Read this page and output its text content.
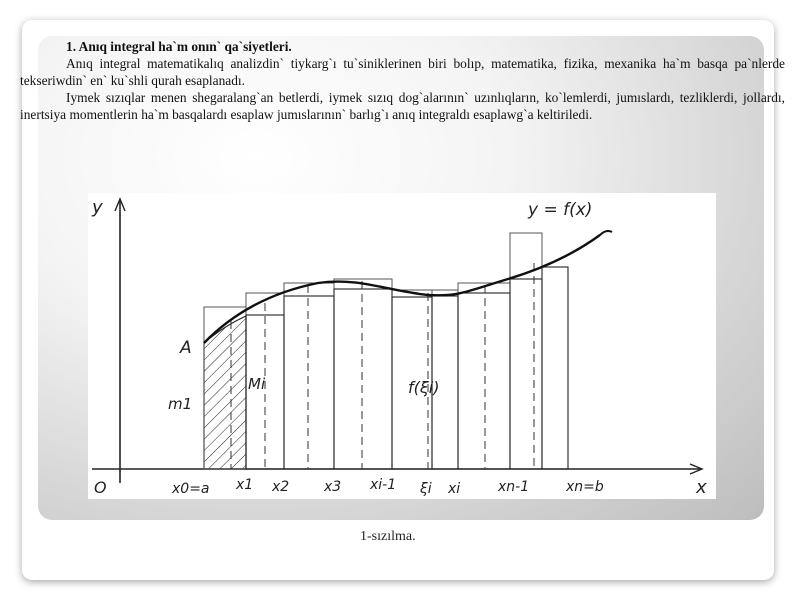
1. Anıq integral ha`m onın` qa`siyetleri.

Anıq integral matematikalıq analizdin` tiykarg`ı tu`siniklerinen biri bolıp, matematika, fizika, mexanika ha`m basqa pa`nlerde tekseriwdin` en` ku`shli qurah esaplanadı.

Iymek sızıqlar menen shegaralang`an betlerdi, iymek sızıq dog`alarının` uzınlıqların, ko`lemlerdi, jumıslardı, tezliklerdi, jollardı, inertsiya momentlerin ha`m basqalardı esaplaw jumıslarının` barlıg`ı anıq integraldı esaplawg`a keltiriledi.

y
x
O
y = f(x)
A
m1
Mi	f(ξi)
x0=a x1 x2 x3 xi-1 ξi xi	xn-1	xn=b
1-sızılma.
